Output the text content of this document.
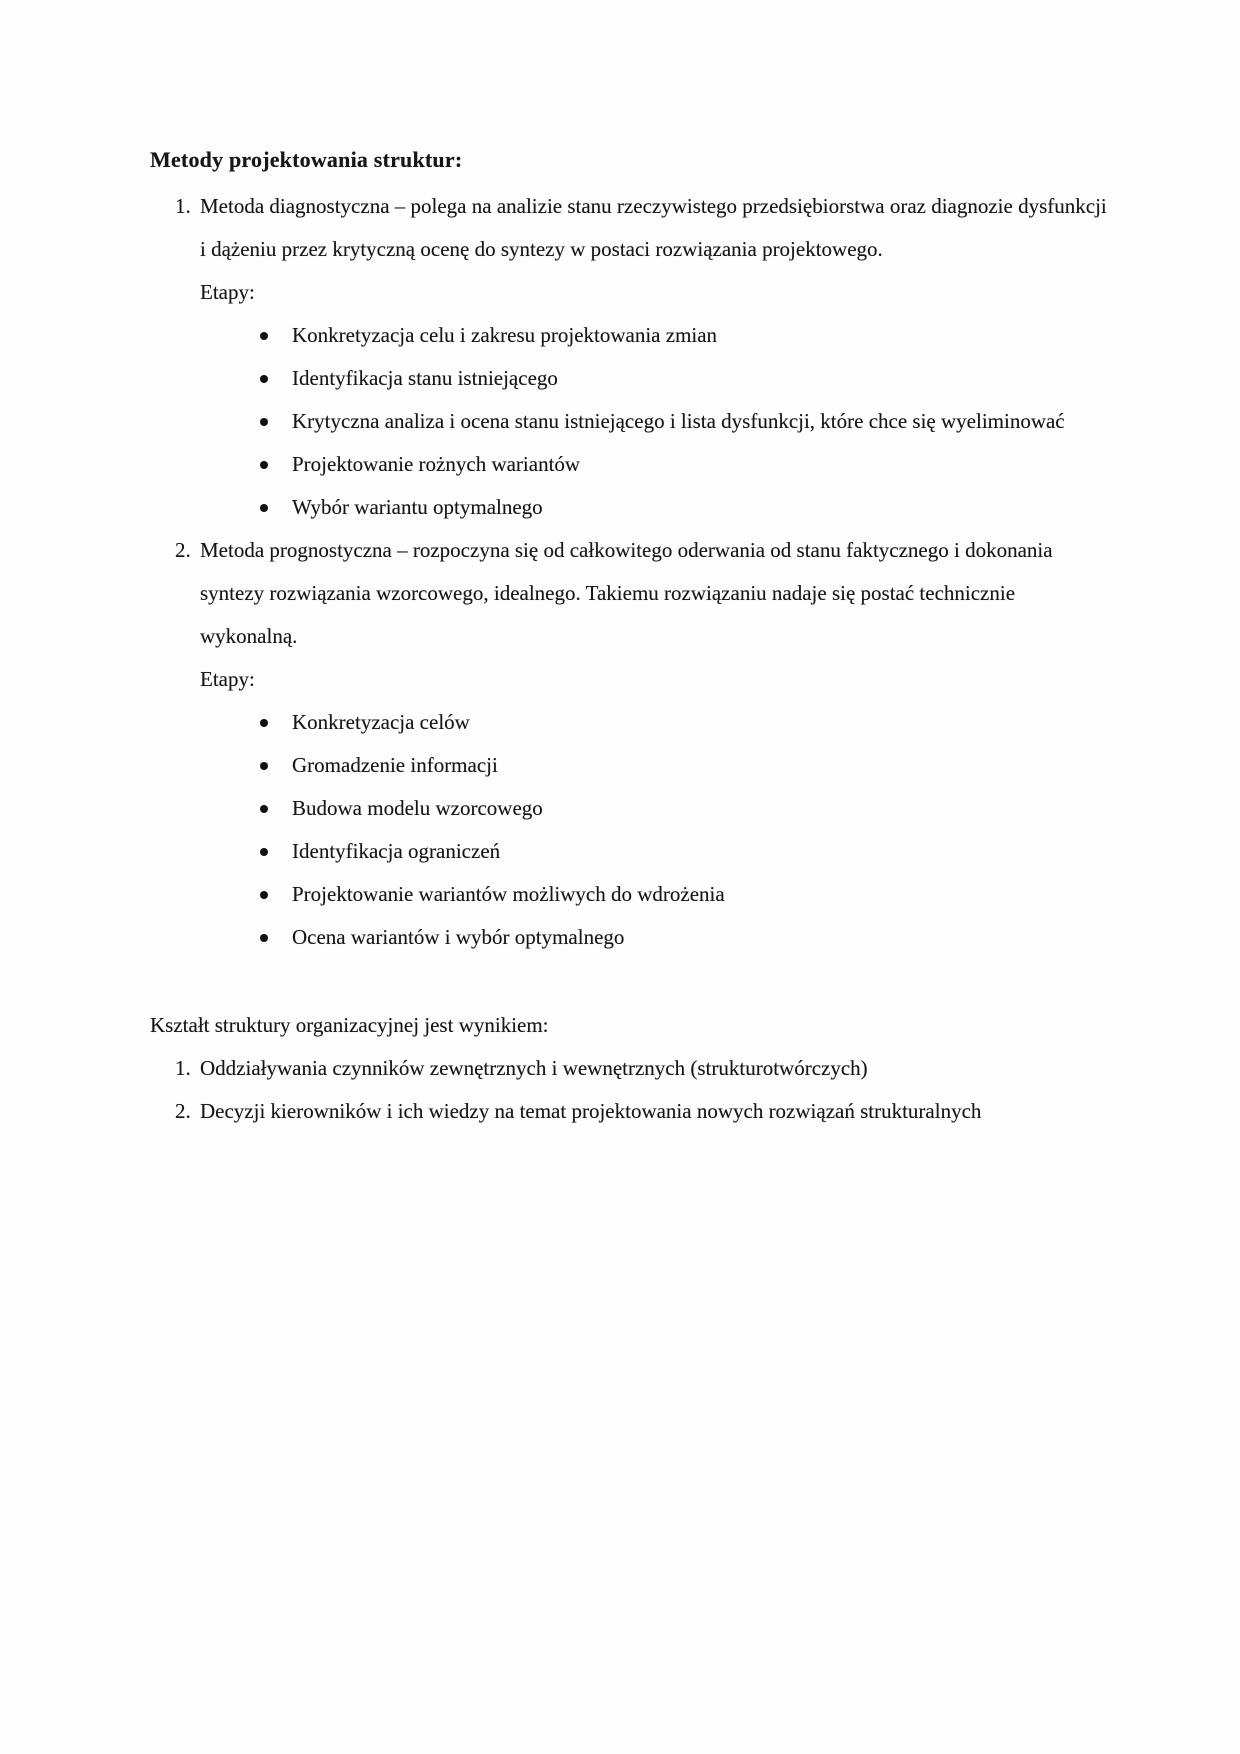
Metody projektowania struktur:
1. Metoda diagnostyczna – polega na analizie stanu rzeczywistego przedsiębiorstwa oraz diagnozie dysfunkcji i dążeniu przez krytyczną ocenę do syntezy w postaci rozwiązania projektowego.

Etapy:

Konkretyzacja celu i zakresu projektowania zmian
Identyfikacja stanu istniejącego
Krytyczna analiza i ocena stanu istniejącego i lista dysfunkcji, które chce się wyeliminować
Projektowanie rożnych wariantów
Wybór wariantu optymalnego
2. Metoda prognostyczna – rozpoczyna się od całkowitego oderwania od stanu faktycznego i dokonania syntezy rozwiązania wzorcowego, idealnego. Takiemu rozwiązaniu nadaje się postać technicznie wykonalną.

Etapy:

Konkretyzacja celów
Gromadzenie informacji
Budowa modelu wzorcowego
Identyfikacja ograniczeń
Projektowanie wariantów możliwych do wdrożenia
Ocena wariantów i wybór optymalnego

Kształt struktury organizacyjnej jest wynikiem:

1. Oddziaływania czynników zewnętrznych i wewnętrznych (strukturotwórczych)

2. Decyzji kierowników i ich wiedzy na temat projektowania nowych rozwiązań strukturalnych
